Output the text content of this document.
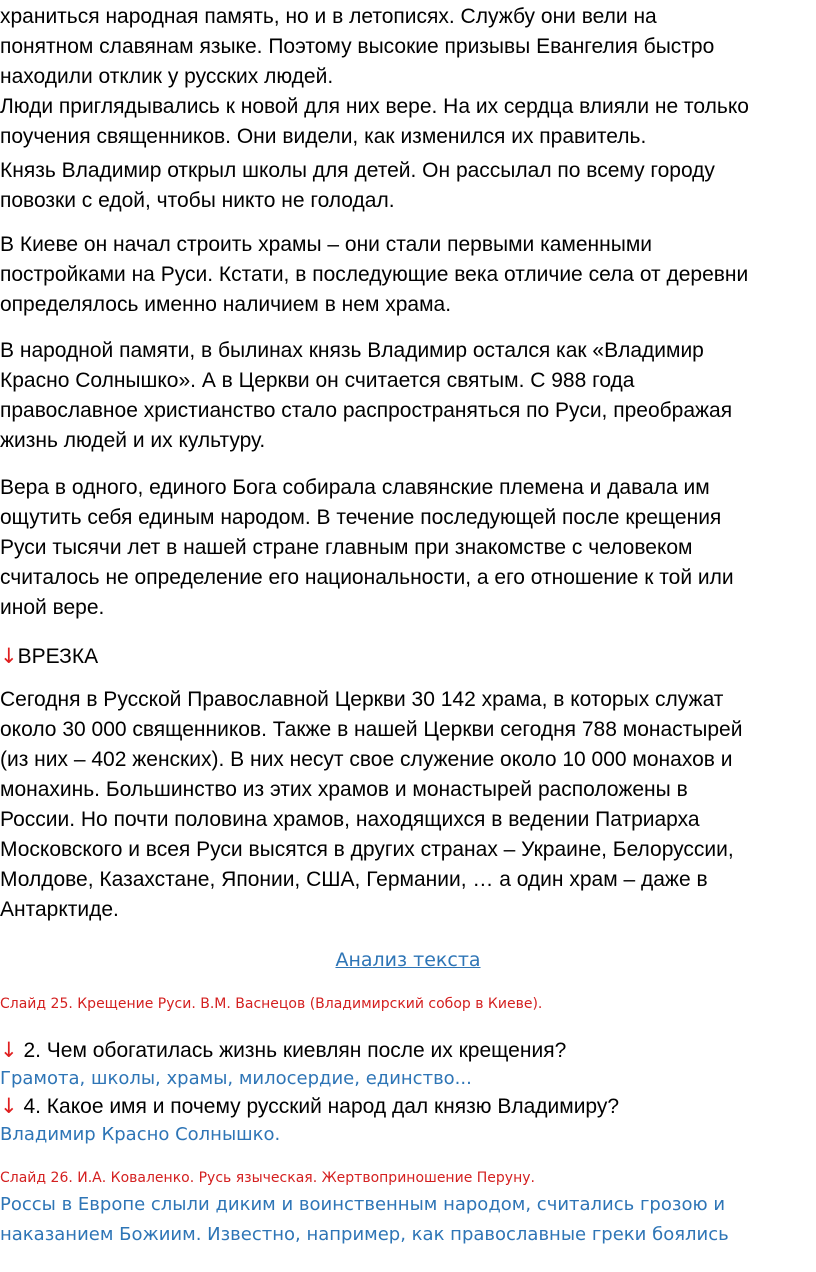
храниться народная память, но и в летописях. Службу они вели на
понятном славянам языке. Поэтому высокие призывы Евангелия быстро
находили отклик у русских людей.
Люди приглядывались к новой для них вере. На их сердца влияли не только
поучения священников. Они видели, как изменился их правитель.
Князь Владимир открыл школы для детей. Он рассылал по всему городу
повозки с едой, чтобы никто не голодал.
В Киеве он начал строить храмы – они стали первыми каменными
постройками на Руси. Кстати, в последующие века отличие села от деревни
определялось именно наличием в нем храма.
В народной памяти, в былинах князь Владимир остался как «Владимир
Красно Солнышко». А в Церкви он считается святым. С 988 года
православное христианство стало распространяться по Руси, преображая
жизнь людей и их культуру.
Вера в одного, единого Бога собирала славянские племена и давала им
ощутить себя единым народом. В течение последующей после крещения
Руси тысячи лет в нашей стране главным при знакомстве с человеком
считалось не определение его национальности, а его отношение к той или
иной вере.
↓ВРЕЗКА
Сегодня в Русской Православной Церкви 30 142 храма, в которых служат
около 30 000 священников. Также в нашей Церкви сегодня 788 монастырей
(из них – 402 женских). В них несут свое служение около 10 000 монахов и
монахинь. Большинство из этих храмов и монастырей расположены в
России. Но почти половина храмов, находящихся в ведении Патриарха
Московского и всея Руси высятся в других странах – Украине, Белоруссии,
Молдове, Казахстане, Японии, США, Германии, … а один храм – даже в
Антарктиде.
Анализ текста
Слайд 25. Крещение Руси. В.М. Васнецов (Владимирский собор в Киеве).
↓ 2. Чем обогатилась жизнь киевлян после их крещения?
Грамота, школы, храмы, милосердие, единство...
↓ 4. Какое имя и почему русский народ дал князю Владимиру?
Владимир Красно Солнышко.
Слайд 26. И.А. Коваленко. Русь языческая. Жертвоприношение Перуну.
Россы в Европе слыли диким и воинственным народом, считались грозою и
наказанием Божиим. Известно, например, как православные греки боялись
